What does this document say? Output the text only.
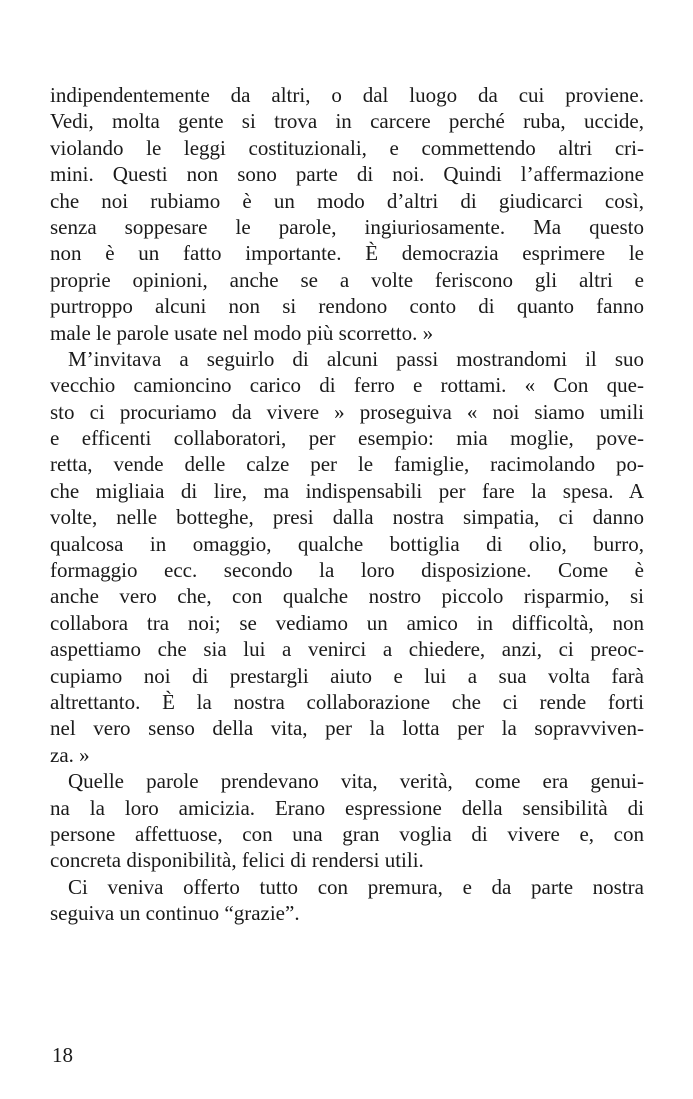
indipendentemente da altri, o dal luogo da cui proviene.
Vedi, molta gente si trova in carcere perché ruba, uccide,
violando le leggi costituzionali, e commettendo altri cri-
mini. Questi non sono parte di noi. Quindi l’affermazione
che noi rubiamo è un modo d’altri di giudicarci così,
senza soppesare le parole, ingiuriosamente. Ma questo
non è un fatto importante. È democrazia esprimere le
proprie opinioni, anche se a volte feriscono gli altri e
purtroppo alcuni non si rendono conto di quanto fanno
male le parole usate nel modo più scorretto. »
M’invitava a seguirlo di alcuni passi mostrandomi il suo
vecchio camioncino carico di ferro e rottami. « Con que-
sto ci procuriamo da vivere » proseguiva « noi siamo umili
e efficenti collaboratori, per esempio: mia moglie, pove-
retta, vende delle calze per le famiglie, racimolando po-
che migliaia di lire, ma indispensabili per fare la spesa. A
volte, nelle botteghe, presi dalla nostra simpatia, ci danno
qualcosa in omaggio, qualche bottiglia di olio, burro,
formaggio ecc. secondo la loro disposizione. Come è
anche vero che, con qualche nostro piccolo risparmio, si
collabora tra noi; se vediamo un amico in difficoltà, non
aspettiamo che sia lui a venirci a chiedere, anzi, ci preoc-
cupiamo noi di prestargli aiuto e lui a sua volta farà
altrettanto. È la nostra collaborazione che ci rende forti
nel vero senso della vita, per la lotta per la sopravviven-
za. »
Quelle parole prendevano vita, verità, come era genui-
na la loro amicizia. Erano espressione della sensibilità di
persone affettuose, con una gran voglia di vivere e, con
concreta disponibilità, felici di rendersi utili.
Ci veniva offerto tutto con premura, e da parte nostra
seguiva un continuo “grazie”.
18
